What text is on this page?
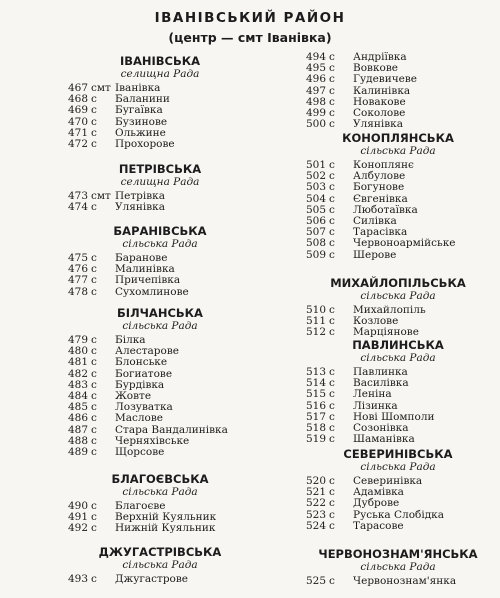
ІВАНІВСЬКИЙ РАЙОН
(центр — смт Іванівка)
ІВАНІВСЬКА
селищна Рада
467 смт Іванівка
468 с	Баланини
469 с	Бугаївка
470 с	Бузинове
471 с	Ольжине
472 с	Прохорове
ПЕТРІВСЬКА
селищна Рада
473 смт Петрівка
474 с	Улянівка
БАРАНІВСЬКА
сільська Рада
475 с	Баранове
476 с	Малинівка
477 с	Причепівка
478 с	Сухомлинове
БІЛЧАНСЬКА
сільська Рада
479 с	Білка
480 с	Алестарове
481 с	Блонське
482 с	Богиатове
483 с	Бурдівка
484 с	Жовте
485 с	Лозуватка
486 с	Маслове
487 с	Стара Вандалинівка
488 с	Черняхівське
489 с	Щорсове
БЛАГОЄВСЬКА
сільська Рада
490 с	Благоєве
491 с	Верхній Куяльник
492 с	Нижній Куяльник
ДЖУГАСТРІВСЬКА
сільська Рада
493 с	Джугастрове
494 с	Андріївка
495 с	Вовкове
496 с	Гудевичеве
497 с	Калинівка
498 с	Новакове
499 с	Соколове
500 с	Улянівка
КОНОПЛЯНСЬКА
сільська Рада
501 с	Коноплянє
502 с	Албулове
503 с	Богунове
504 с	Євгенівка
505 с	Люботаївка
506 с	Силівка
507 с	Тарасівка
508 с	Червоноармійське
509 с	Шерове
МИХАЙЛОПІЛЬСЬКА
сільська Рада
510 с	Михайлопіль
511 с	Козлове
512 с	Марціянове
ПАВЛИНСЬКА
сільська Рада
513 с	Павлинка
514 с	Василівка
515 с	Леніна
516 с	Лізинка
517 с	Нові Шомполи
518 с	Созонівка
519 с	Шаманівка
СЕВЕРИНІВСЬКА
сільська Рада
520 с	Северинівка
521 с	Адамівка
522 с	Дуброве
523 с	Руська Слобідка
524 с	Тарасове
ЧЕРВОНОЗНАМ'ЯНСЬКА
сільська Рада
525 с	Червонознам'янка
